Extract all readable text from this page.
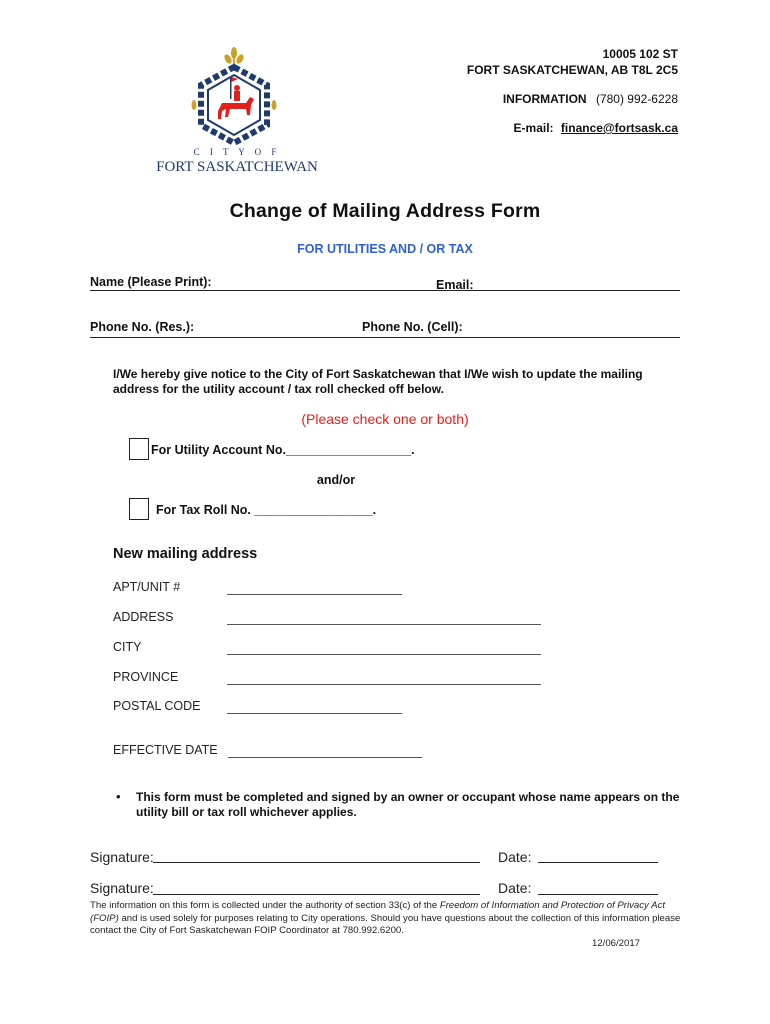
C I T Y O F
FORT SASKATCHEWAN
10005 102 ST
FORT SASKATCHEWAN, AB T8L 2C5
INFORMATION (780) 992-6228
E-mail: finance@fortsask.ca
Change of Mailing Address Form
FOR UTILITIES AND / OR TAX
Name (Please Print):	Email:
Phone No. (Res.):	Phone No. (Cell):
I/We hereby give notice to the City of Fort Saskatchewan that I/We wish to update the mailing address for the utility account / tax roll checked off below.
(Please check one or both)
For Utility Account No.__________________.
and/or
For Tax Roll No. _________________.
New mailing address
APT/UNIT #
ADDRESS
CITY
PROVINCE
POSTAL CODE
EFFECTIVE DATE
• This form must be completed and signed by an owner or occupant whose name appears on the utility bill or tax roll whichever applies.
Signature:	Date:
Signature:	Date:
The information on this form is collected under the authority of section 33(c) of the Freedom of Information and Protection of Privacy Act (FOIP) and is used solely for purposes relating to City operations. Should you have questions about the collection of this information please contact the City of Fort Saskatchewan FOIP Coordinator at 780.992.6200.
12/06/2017
